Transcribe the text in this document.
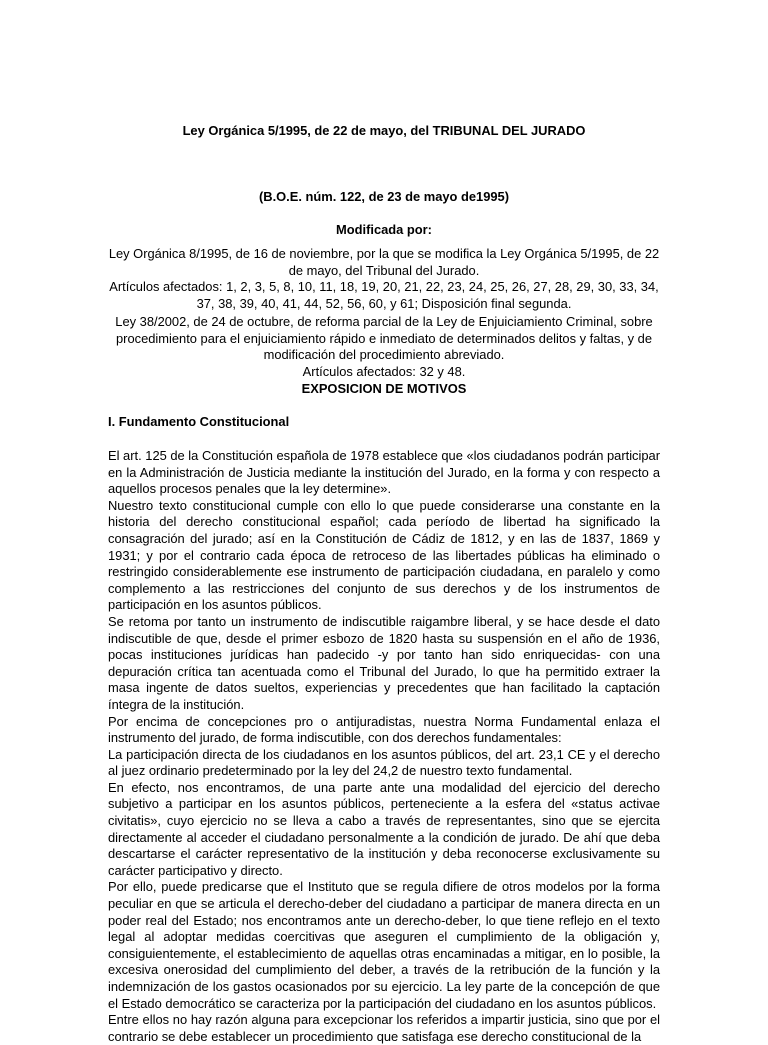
Ley Orgánica 5/1995, de 22 de mayo, del TRIBUNAL DEL JURADO
(B.O.E. núm. 122, de 23 de mayo de1995)
Modificada por:
Ley Orgánica 8/1995, de 16 de noviembre, por la que se modifica la Ley Orgánica 5/1995, de 22 de mayo, del Tribunal del Jurado.
Artículos afectados: 1, 2, 3, 5, 8, 10, 11, 18, 19, 20, 21, 22, 23, 24, 25, 26, 27, 28, 29, 30, 33, 34, 37, 38, 39, 40, 41, 44, 52, 56, 60, y 61; Disposición final segunda.
Ley 38/2002, de 24 de octubre, de reforma parcial de la Ley de Enjuiciamiento Criminal, sobre procedimiento para el enjuiciamiento rápido e inmediato de determinados delitos y faltas, y de modificación del procedimiento abreviado.
Artículos afectados: 32 y 48.
EXPOSICION DE MOTIVOS
I. Fundamento Constitucional

El art. 125 de la Constitución española de 1978 establece que «los ciudadanos podrán participar en la Administración de Justicia mediante la institución del Jurado, en la forma y con respecto a aquellos procesos penales que la ley determine».

Nuestro texto constitucional cumple con ello lo que puede considerarse una constante en la historia del derecho constitucional español; cada período de libertad ha significado la consagración del jurado; así en la Constitución de Cádiz de 1812, y en las de 1837, 1869 y 1931; y por el contrario cada época de retroceso de las libertades públicas ha eliminado o restringido considerablemente ese instrumento de participación ciudadana, en paralelo y como complemento a las restricciones del conjunto de sus derechos y de los instrumentos de participación en los asuntos públicos.

Se retoma por tanto un instrumento de indiscutible raigambre liberal, y se hace desde el dato indiscutible de que, desde el primer esbozo de 1820 hasta su suspensión en el año de 1936, pocas instituciones jurídicas han padecido -y por tanto han sido enriquecidas- con una depuración crítica tan acentuada como el Tribunal del Jurado, lo que ha permitido extraer la masa ingente de datos sueltos, experiencias y precedentes que han facilitado la captación íntegra de la institución.

Por encima de concepciones pro o antijuradistas, nuestra Norma Fundamental enlaza el instrumento del jurado, de forma indiscutible, con dos derechos fundamentales:

La participación directa de los ciudadanos en los asuntos públicos, del art. 23,1 CE y el derecho al juez ordinario predeterminado por la ley del 24,2 de nuestro texto fundamental.

En efecto, nos encontramos, de una parte ante una modalidad del ejercicio del derecho subjetivo a participar en los asuntos públicos, perteneciente a la esfera del «status activae civitatis», cuyo ejercicio no se lleva a cabo a través de representantes, sino que se ejercita directamente al acceder el ciudadano personalmente a la condición de jurado. De ahí que deba descartarse el carácter representativo de la institución y deba reconocerse exclusivamente su carácter participativo y directo.

Por ello, puede predicarse que el Instituto que se regula difiere de otros modelos por la forma peculiar en que se articula el derecho-deber del ciudadano a participar de manera directa en un poder real del Estado; nos encontramos ante un derecho-deber, lo que tiene reflejo en el texto legal al adoptar medidas coercitivas que aseguren el cumplimiento de la obligación y, consiguientemente, el establecimiento de aquellas otras encaminadas a mitigar, en lo posible, la excesiva onerosidad del cumplimiento del deber, a través de la retribución de la función y la indemnización de los gastos ocasionados por su ejercicio. La ley parte de la concepción de que el Estado democrático se caracteriza por la participación del ciudadano en los asuntos públicos.

Entre ellos no hay razón alguna para excepcionar los referidos a impartir justicia, sino que por el contrario se debe establecer un procedimiento que satisfaga ese derecho constitucional de la
